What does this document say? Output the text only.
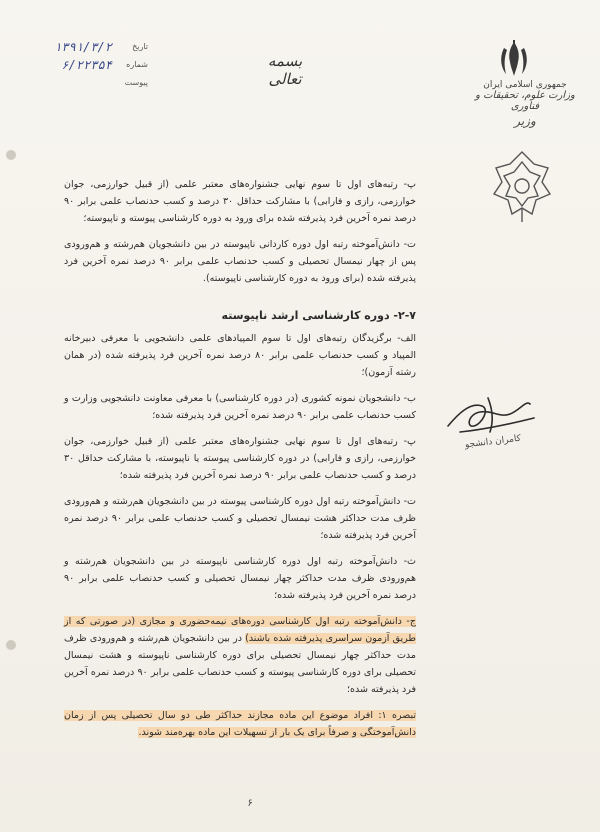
تاریخ
۱۳۹۱/۳/۲
شماره
۶/۲۲۳۵۴
پیوست
بسمه تعالی	جمهوری اسلامی ایران
وزارت علوم، تحقیقات و فناوری
وزیر
کامران دانشجو

پ- رتبه‌های اول تا سوم نهایی جشنواره‌های معتبر علمی (از قبیل خوارزمی، جوان خوارزمی، رازی و فارابی) با مشارکت حداقل ۳۰ درصد و کسب حدنصاب علمی برابر ۹۰ درصد نمره آخرین فرد پذیرفته شده برای ورود به دوره کارشناسی پیوسته و ناپیوسته؛

ت- دانش‌آموخته رتبه اول دوره کاردانی ناپیوسته در بین دانشجویان هم‌رشته و هم‌ورودی پس از چهار نیمسال تحصیلی و کسب حدنصاب علمی برابر ۹۰ درصد نمره آخرین فرد پذیرفته شده (برای ورود به دوره کارشناسی ناپیوسته).

۲-۷- دوره کارشناسی ارشد ناپیوسته

الف- برگزیدگان رتبه‌های اول تا سوم المپیادهای علمی دانشجویی با معرفی دبیرخانه المپیاد و کسب حدنصاب علمی برابر ۸۰ درصد نمره آخرین فرد پذیرفته شده (در همان رشته آزمون)؛

ب- دانشجویان نمونه کشوری (در دوره کارشناسی) با معرفی معاونت دانشجویی وزارت و کسب حدنصاب علمی برابر ۹۰ درصد نمره آخرین فرد پذیرفته شده؛

پ- رتبه‌های اول تا سوم نهایی جشنواره‌های معتبر علمی (از قبیل خوارزمی، جوان خوارزمی، رازی و فارابی) در دوره کارشناسی پیوسته یا ناپیوسته، با مشارکت حداقل ۳۰ درصد و کسب حدنصاب علمی برابر ۹۰ درصد نمره آخرین فرد پذیرفته شده؛

ت- دانش‌آموخته رتبه اول دوره کارشناسی پیوسته در بین دانشجویان هم‌رشته و هم‌ورودی ظرف مدت حداکثر هشت نیمسال تحصیلی و کسب حدنصاب علمی برابر ۹۰ درصد نمره آخرین فرد پذیرفته شده؛

ث- دانش‌آموخته رتبه اول دوره کارشناسی ناپیوسته در بین دانشجویان هم‌رشته و هم‌ورودی ظرف مدت حداکثر چهار نیمسال تحصیلی و کسب حدنصاب علمی برابر ۹۰ درصد نمره آخرین فرد پذیرفته شده؛

ج- دانش‌آموخته رتبه اول کارشناسی دوره‌های نیمه‌حضوری و مجازی (در صورتی که از طریق آزمون سراسری پذیرفته شده باشند) در بین دانشجویان هم‌رشته و هم‌ورودی ظرف مدت حداکثر چهار نیمسال تحصیلی برای دوره کارشناسی ناپیوسته و هشت نیمسال تحصیلی برای دوره کارشناسی پیوسته و کسب حدنصاب علمی برابر ۹۰ درصد نمره آخرین فرد پذیرفته شده؛

تبصره ۱: افراد موضوع این ماده مجازند حداکثر طی دو سال تحصیلی پس از زمان دانش‌آموختگی و صرفاً برای یک بار از تسهیلات این ماده بهره‌مند شوند.

۶
